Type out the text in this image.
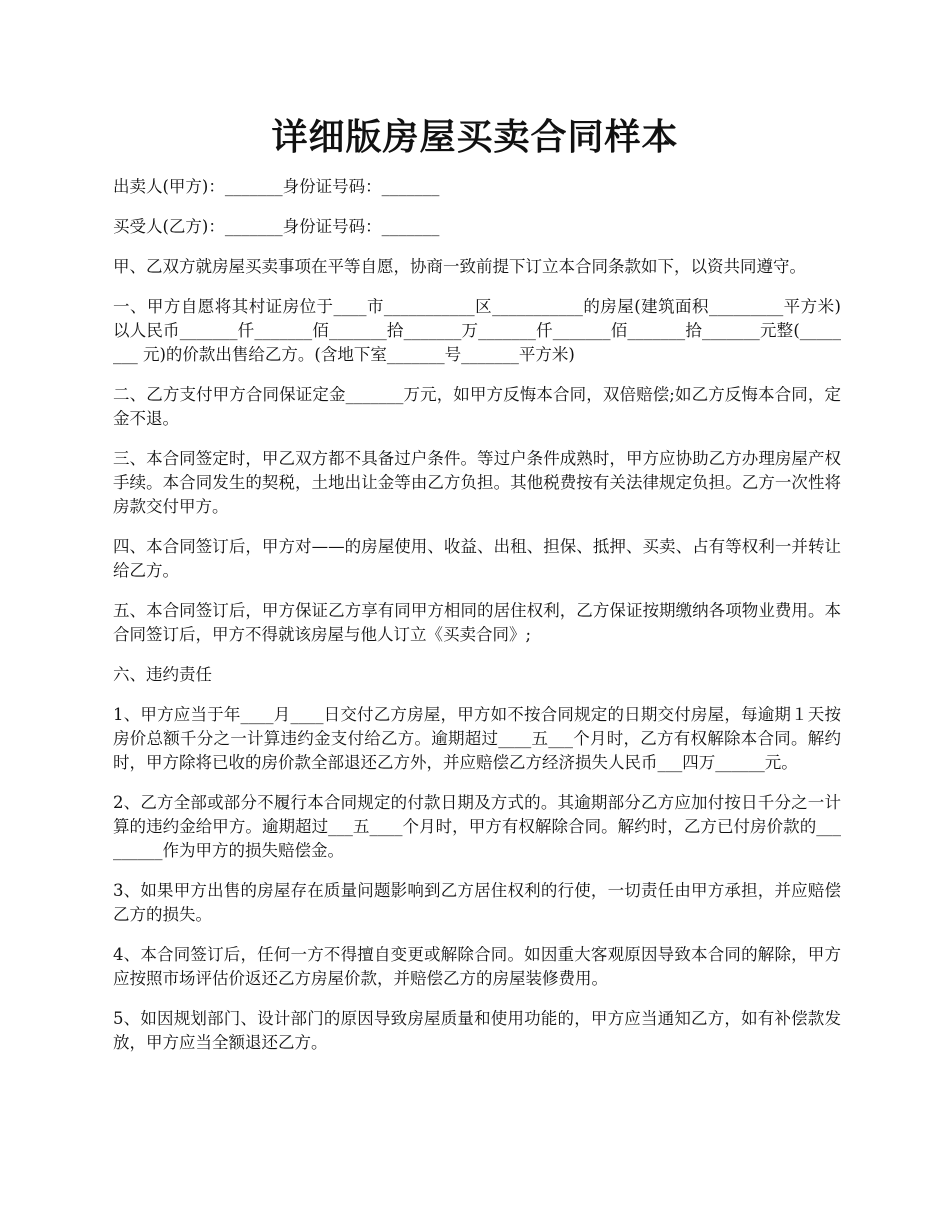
详细版房屋买卖合同样本

出卖人(甲方)：_______身份证号码：_______

买受人(乙方)：_______身份证号码：_______

甲、乙双方就房屋买卖事项在平等自愿，协商一致前提下订立本合同条款如下，以资共同遵守。

一、甲方自愿将其村证房位于____市___________区___________的房屋(建筑面积_________平方米)以人民币_______仟_______佰_______拾_______万_______仟_______佰_______拾_______元整(________ 元)的价款出售给乙方。(含地下室_______号_______平方米)

二、乙方支付甲方合同保证定金_______万元，如甲方反悔本合同，双倍赔偿;如乙方反悔本合同，定金不退。

三、本合同签定时，甲乙双方都不具备过户条件。等过户条件成熟时，甲方应协助乙方办理房屋产权手续。本合同发生的契税，土地出让金等由乙方负担。其他税费按有关法律规定负担。乙方一次性将房款交付甲方。

四、本合同签订后，甲方对——的房屋使用、收益、出租、担保、抵押、买卖、占有等权利一并转让给乙方。

五、本合同签订后，甲方保证乙方享有同甲方相同的居住权利，乙方保证按期缴纳各项物业费用。本合同签订后，甲方不得就该房屋与他人订立《买卖合同》;

六、违约责任

1、甲方应当于年____月____日交付乙方房屋，甲方如不按合同规定的日期交付房屋，每逾期１天按房价总额千分之一计算违约金支付给乙方。逾期超过____五___个月时，乙方有权解除本合同。解约时，甲方除将已收的房价款全部退还乙方外，并应赔偿乙方经济损失人民币___四万______元。

2、乙方全部或部分不履行本合同规定的付款日期及方式的。其逾期部分乙方应加付按日千分之一计算的违约金给甲方。逾期超过___五____个月时，甲方有权解除合同。解约时，乙方已付房价款的_________作为甲方的损失赔偿金。

3、如果甲方出售的房屋存在质量问题影响到乙方居住权利的行使，一切责任由甲方承担，并应赔偿乙方的损失。

4、本合同签订后，任何一方不得擅自变更或解除合同。如因重大客观原因导致本合同的解除，甲方应按照市场评估价返还乙方房屋价款，并赔偿乙方的房屋装修费用。

5、如因规划部门、设计部门的原因导致房屋质量和使用功能的，甲方应当通知乙方，如有补偿款发放，甲方应当全额退还乙方。
